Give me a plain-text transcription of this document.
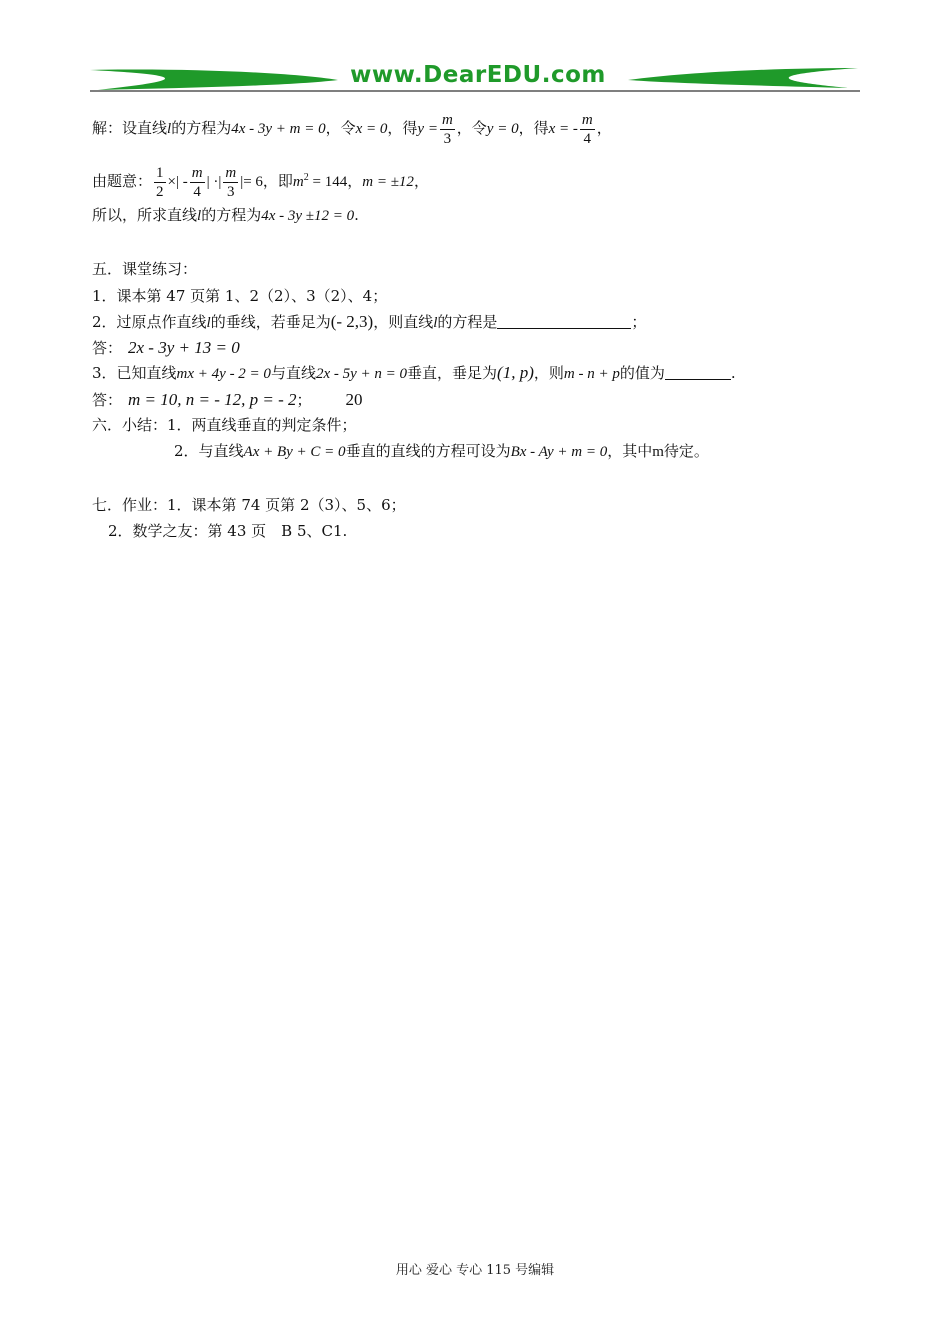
www.DearEDU.com
解：设直线l的方程为4x - 3y + m = 0，令x = 0，得$y = \frac{m}{3}$ ，令y = 0，得x = - $\frac{m}{4}$ ，
由题意： $\frac{1}{2}$ ×| - $\frac{m}{4}$ | ·| $\frac{m}{3}$ |= 6，即$m^2 = 144$，m = ±12，
所以，所求直线l的方程为4x - 3y ±12 = 0.
五．课堂练习：
1．课本第 47 页第 1、2（2）、3（2）、4；
2．过原点作直线l的垂线，若垂足为(- 2,3)，则直线l的方程是	；
答： 2x - 3y + 13 = 0
3．已知直线mx + 4y - 2 = 0与直线2x - 5y + n = 0垂直，垂足为(1, p)，则m - n + p的值为	.
答： m = 10, n = - 12, p = - 2； 20
六．小结：1．两直线垂直的判定条件；
2．与直线Ax + By + C = 0垂直的直线的方程可设为Bx - Ay + m = 0，其中m待定。
七．作业：1．课本第 74 页第 2（3）、5、6；
2．数学之友：第 43 页　B 5、C1.
用心 爱心 专心 115 号编辑
